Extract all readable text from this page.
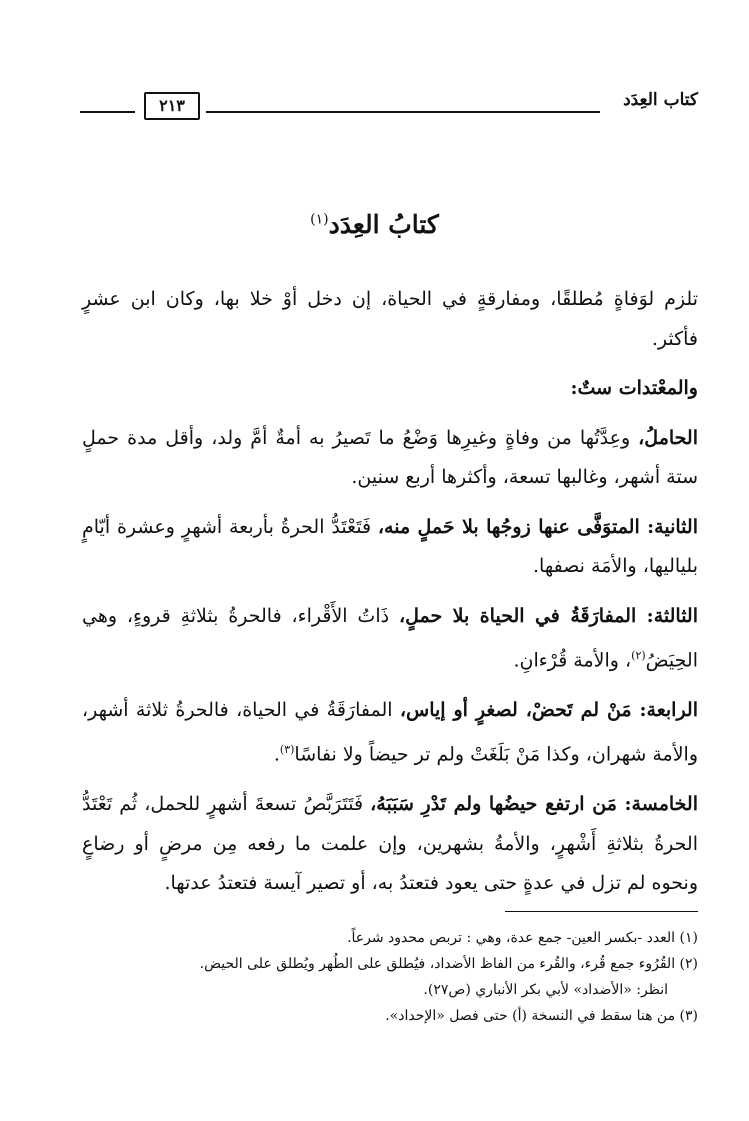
كتاب العِدَد
٢١٣
كتابُ العِدَد$^{(١)}$

تلزم لوَفاةٍ مُطلقًا، ومفارقةٍ في الحياة، إن دخل أوْ خلا بها، وكان ابن عشرٍ فأكثر.

والمعْتدات ستٌ:

الحاملُ، وعِدَّتُها من وفاةٍ وغيرِها وَضْعُ ما تَصيرُ به أمةٌ أمَّ ولد، وأقل مدة حملٍ ستة أشهر، وغالبها تسعة، وأكثرها أربع سنين.

الثانية: المتوَفَّى عنها زوجُها بلا حَملٍ منه، فَتَعْتَدُّ الحرةُ بأربعة أشهرٍ وعشرة أيّامٍ بلياليها، والأمَة نصفها.

الثالثة: المفارَقَةُ في الحياة بلا حملٍ، ذَاتُ الأَقْراء، فالحرةُ بثلاثةِ قروءٍ، وهي الحِيَضُ$^{(٢)}$، والأمة قُرْءانِ.

الرابعة: مَنْ لم تَحضْ، لصغرٍ أو إياس، المفارَقَةُ في الحياة، فالحرةُ ثلاثة أشهر، والأمة شهران، وكذا مَنْ بَلَغَتْ ولم تر حيضاً ولا نفاسًا$^{(٣)}$.

الخامسة: مَن ارتفع حيضُها ولم تَدْرِ سَبَبَهُ، فَتَتَرَبَّصُ تسعةَ أشهرٍ للحمل، ثُم تَعْتَدُّ الحرةُ بثلاثةِ أَشْهرٍ، والأمةُ بشهرين، وإن علمت ما رفعه مِن مرضٍ أو رضاعٍ ونحوه لم تزل في عدةٍ حتى يعود فتعتدُ به، أو تصير آيسة فتعتدُ عدتها.

(١) العدد -بكسر العين- جمع عدة، وهي : تربص محدود شرعاً.
(٢) القُرُوء جمع قُرء، والقُرء من الفاظ الأضداد، فيُطلق على الطُهر ويُطلق على الحيض.
انظر: «الأضداد» لأبي بكر الأنباري (ص٢٧).
(٣) من هنا سقط في النسخة (أ) حتى فصل «الإحداد».
